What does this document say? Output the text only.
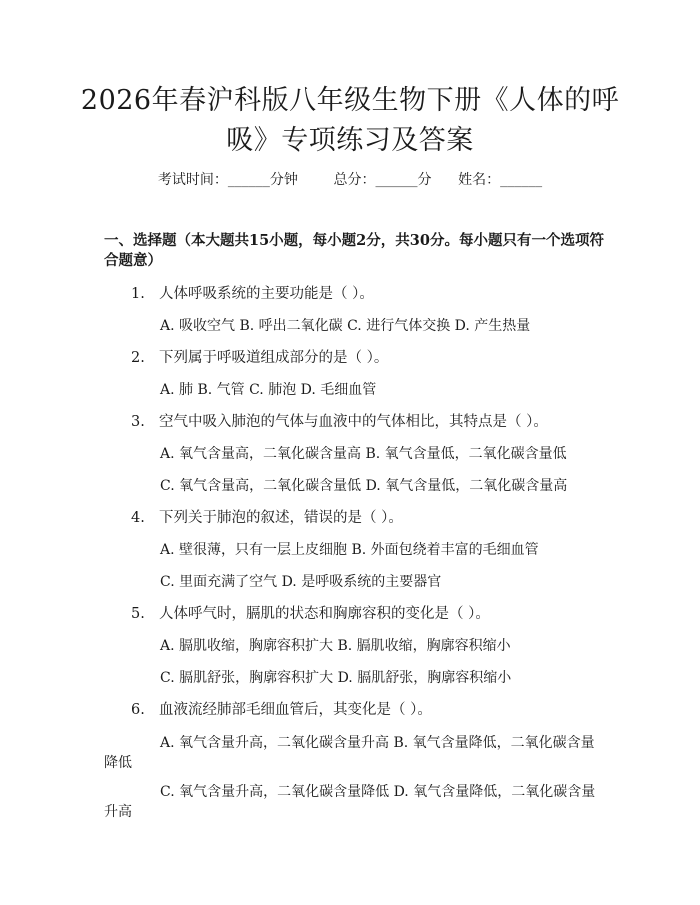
2026年春沪科版八年级生物下册《人体的呼
吸》专项练习及答案
考试时间：______分钟	总分：______分 姓名：______
一、选择题（本大题共15小题，每小题2分，共30分。每小题只有一个选项符
合题意）
1. 人体呼吸系统的主要功能是（ ）。
A. 吸收空气 B. 呼出二氧化碳 C. 进行气体交换 D. 产生热量
2. 下列属于呼吸道组成部分的是（ ）。
A. 肺 B. 气管 C. 肺泡 D. 毛细血管
3. 空气中吸入肺泡的气体与血液中的气体相比，其特点是（ ）。
A. 氧气含量高，二氧化碳含量高 B. 氧气含量低，二氧化碳含量低
C. 氧气含量高，二氧化碳含量低 D. 氧气含量低，二氧化碳含量高
4. 下列关于肺泡的叙述，错误的是（ ）。
A. 壁很薄，只有一层上皮细胞 B. 外面包绕着丰富的毛细血管
C. 里面充满了空气 D. 是呼吸系统的主要器官
5. 人体呼气时，膈肌的状态和胸廓容积的变化是（ ）。
A. 膈肌收缩，胸廓容积扩大 B. 膈肌收缩，胸廓容积缩小
C. 膈肌舒张，胸廓容积扩大 D. 膈肌舒张，胸廓容积缩小
6. 血液流经肺部毛细血管后，其变化是（ ）。
A. 氧气含量升高，二氧化碳含量升高 B. 氧气含量降低，二氧化碳含量
降低
C. 氧气含量升高，二氧化碳含量降低 D. 氧气含量降低，二氧化碳含量
升高
